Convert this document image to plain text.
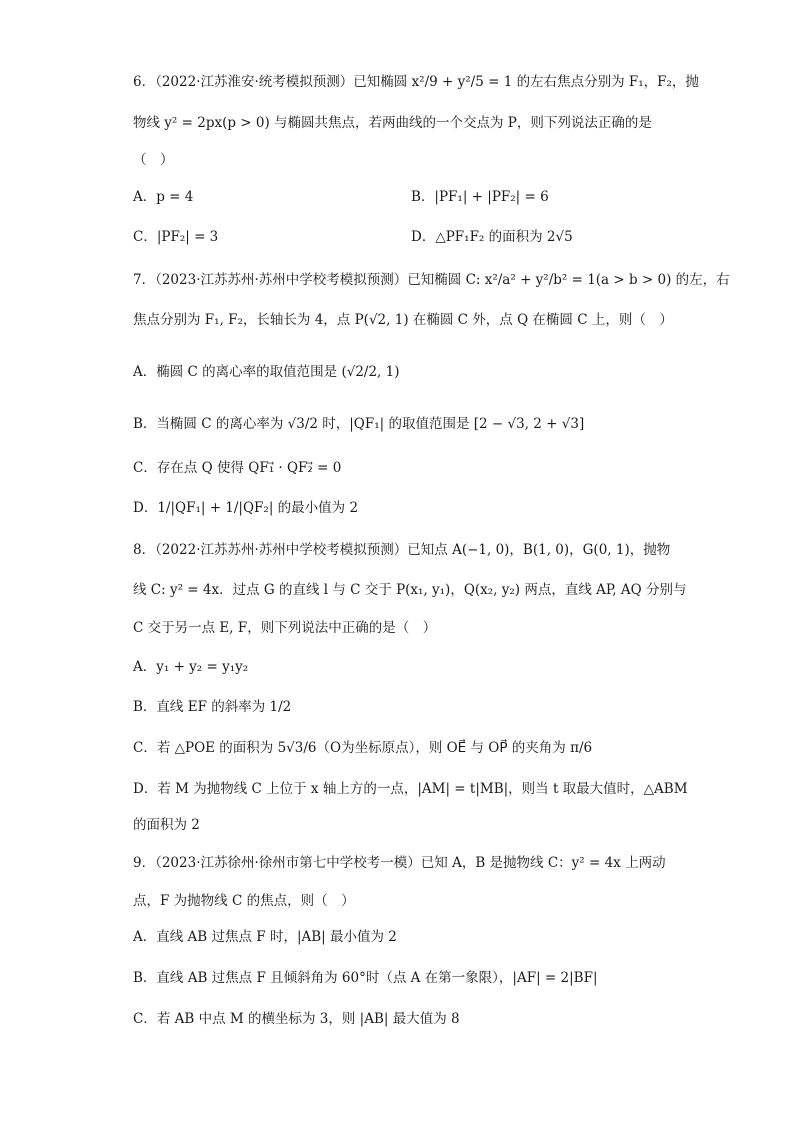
6．（2022·江苏淮安·统考模拟预测）已知椭圆 x²/9 + y²/5 = 1 的左右焦点分别为 F₁，F₂，抛
物线 y² = 2px(p > 0) 与椭圆共焦点，若两曲线的一个交点为 P，则下列说法正确的是
（　）
A．p = 4	B．|PF₁| + |PF₂| = 6
C．|PF₂| = 3	D．△PF₁F₂ 的面积为 2√5
7．（2023·江苏苏州·苏州中学校考模拟预测）已知椭圆 C: x²/a² + y²/b² = 1(a > b > 0) 的左，右
焦点分别为 F₁, F₂，长轴长为 4，点 P(√2, 1) 在椭圆 C 外，点 Q 在椭圆 C 上，则（　）
A．椭圆 C 的离心率的取值范围是 (√2/2, 1)
B．当椭圆 C 的离心率为 √3/2 时，|QF₁| 的取值范围是 [2 − √3, 2 + √3]
C．存在点 Q 使得 QF₁⃗ · QF₂⃗ = 0
D．1/|QF₁| + 1/|QF₂| 的最小值为 2
8．（2022·江苏苏州·苏州中学校考模拟预测）已知点 A(−1, 0)，B(1, 0)，G(0, 1)，抛物
线 C: y² = 4x．过点 G 的直线 l 与 C 交于 P(x₁, y₁)，Q(x₂, y₂) 两点，直线 AP, AQ 分别与
C 交于另一点 E, F，则下列说法中正确的是（　）
A．y₁ + y₂ = y₁y₂
B．直线 EF 的斜率为 1/2
C．若 △POE 的面积为 5√3/6（O为坐标原点），则 OE⃗ 与 OP⃗ 的夹角为 π/6
D．若 M 为抛物线 C 上位于 x 轴上方的一点，|AM| = t|MB|，则当 t 取最大值时，△ABM
的面积为 2
9．（2023·江苏徐州·徐州市第七中学校考一模）已知 A，B 是抛物线 C：y² = 4x 上两动
点，F 为抛物线 C 的焦点，则（　）
A．直线 AB 过焦点 F 时，|AB| 最小值为 2
B．直线 AB 过焦点 F 且倾斜角为 60°时（点 A 在第一象限），|AF| = 2|BF|
C．若 AB 中点 M 的横坐标为 3，则 |AB| 最大值为 8
